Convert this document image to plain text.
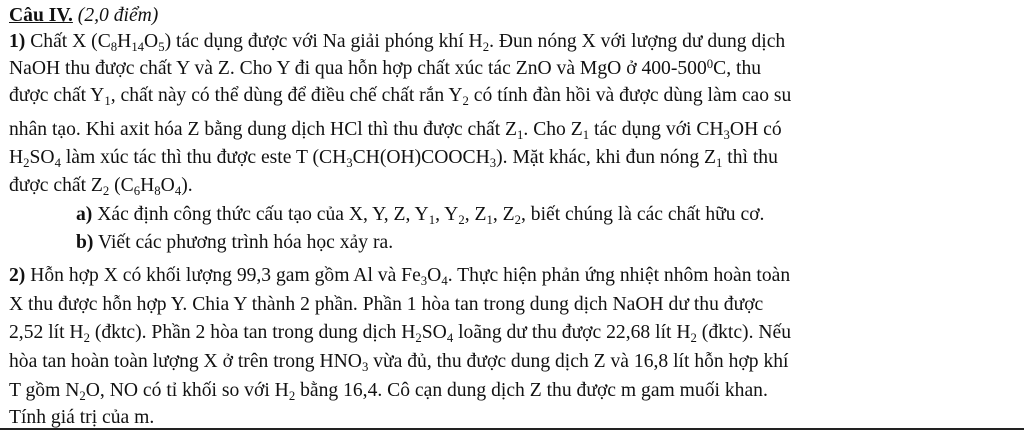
Câu IV. (2,0 điểm)
1) Chất X $(C_8H_{14}O_5)$ tác dụng được với Na giải phóng khí $H_2$. Đun nóng X với lượng dư dung dịch
NaOH thu được chất Y và Z. Cho Y đi qua hỗn hợp chất xúc tác ZnO và MgO ở $400-500^0C$, thu
được chất $Y_1$, chất này có thể dùng để điều chế chất rắn $Y_2$ có tính đàn hồi và được dùng làm cao su
nhân tạo. Khi axit hóa Z bằng dung dịch HCl thì thu được chất $Z_1$. Cho $Z_1$ tác dụng với $CH_3OH$ có
$H_2SO_4$ làm xúc tác thì thu được este T $(CH_3CH(OH)COOCH_3)$. Mặt khác, khi đun nóng $Z_1$ thì thu
được chất $Z_2$ $(C_6H_8O_4)$.
a) Xác định công thức cấu tạo của X, Y, Z, $Y_1$, $Y_2$, $Z_1$, $Z_2$, biết chúng là các chất hữu cơ.
b) Viết các phương trình hóa học xảy ra.
2) Hỗn hợp X có khối lượng 99,3 gam gồm Al và $Fe_3O_4$. Thực hiện phản ứng nhiệt nhôm hoàn toàn
X thu được hỗn hợp Y. Chia Y thành 2 phần. Phần 1 hòa tan trong dung dịch NaOH dư thu được
2,52 lít $H_2$ (đktc). Phần 2 hòa tan trong dung dịch $H_2SO_4$ loãng dư thu được 22,68 lít $H_2$ (đktc). Nếu
hòa tan hoàn toàn lượng X ở trên trong $HNO_3$ vừa đủ, thu được dung dịch Z và 16,8 lít hỗn hợp khí
T gồm $N_2O$, NO có tỉ khối so với $H_2$ bằng 16,4. Cô cạn dung dịch Z thu được m gam muối khan.
Tính giá trị của m.
